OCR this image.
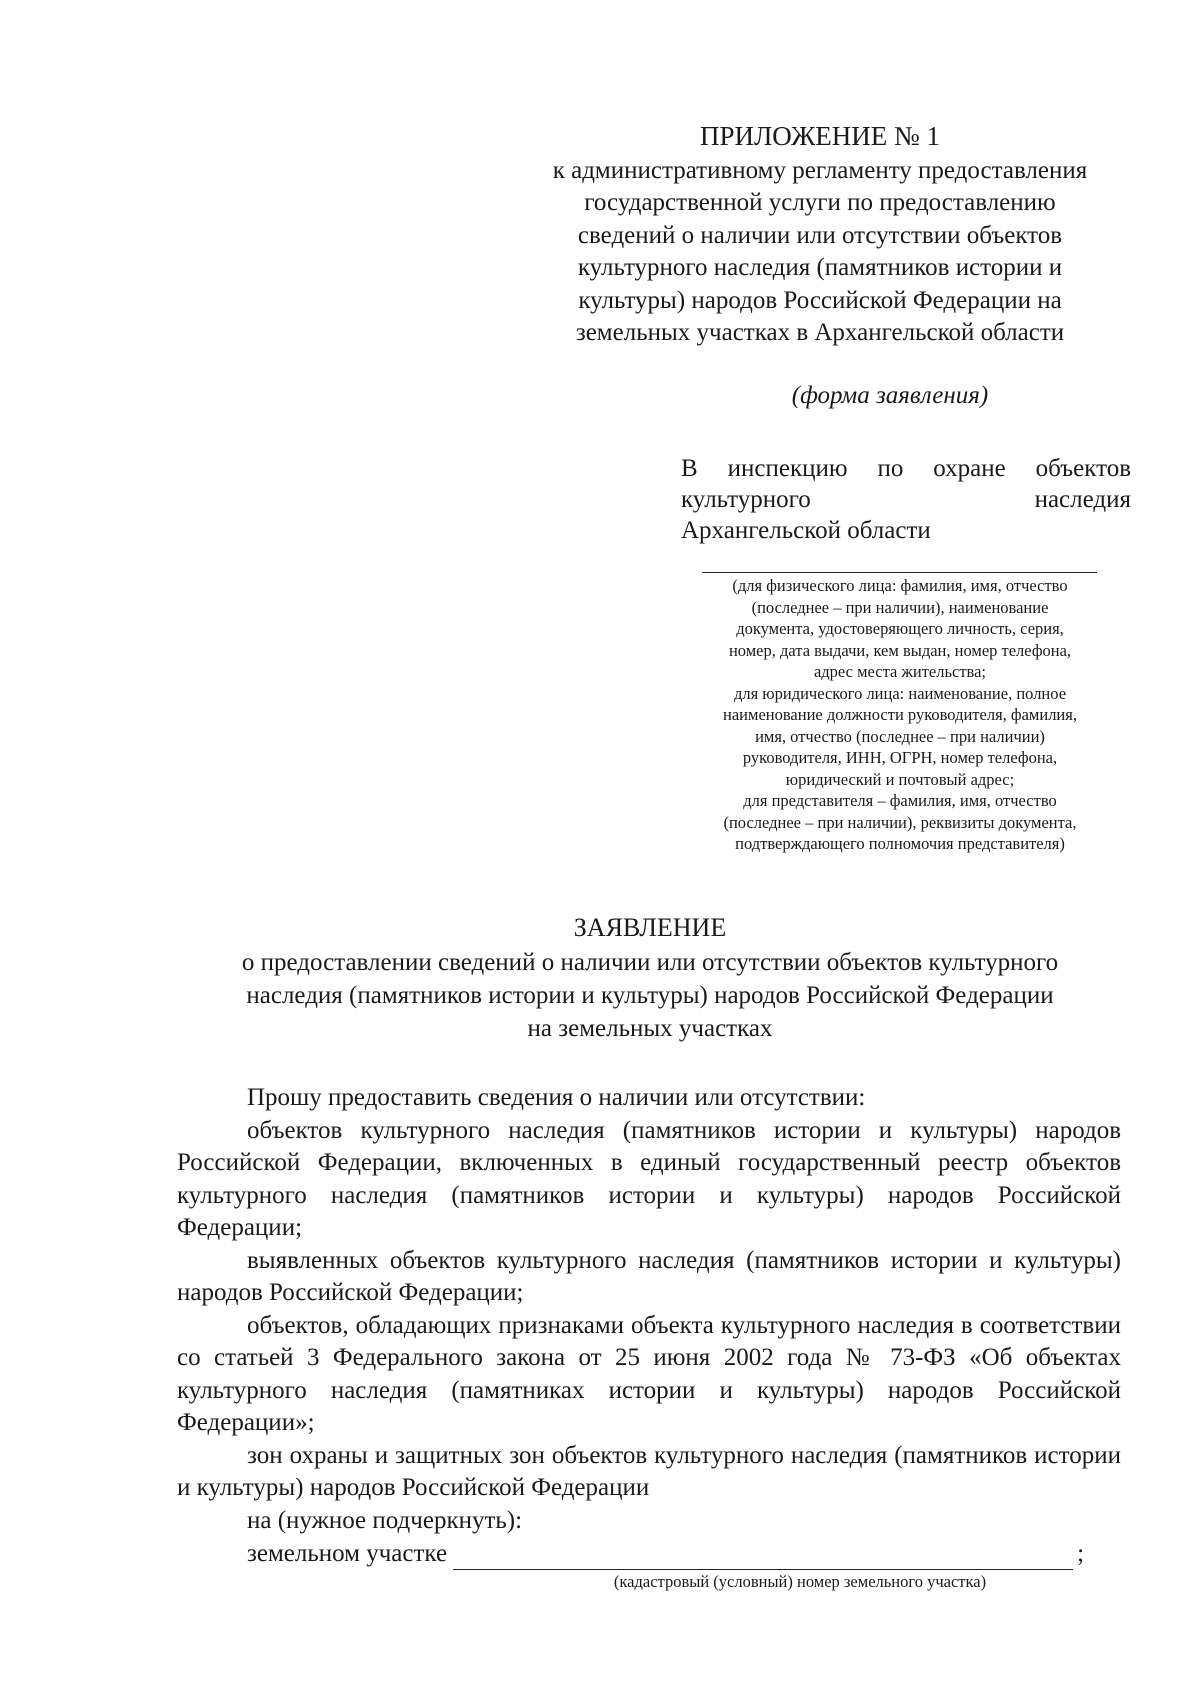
ПРИЛОЖЕНИЕ № 1
к административному регламенту предоставления
государственной услуги по предоставлению
сведений о наличии или отсутствии объектов
культурного наследия (памятников истории и
культуры) народов Российской Федерации на
земельных участках в Архангельской области
(форма заявления)
В инспекцию по охране объектов
культурного наследия
Архангельской области
(для физического лица: фамилия, имя, отчество
(последнее – при наличии), наименование
документа, удостоверяющего личность, серия,
номер, дата выдачи, кем выдан, номер телефона,
адрес места жительства;
для юридического лица: наименование, полное
наименование должности руководителя, фамилия,
имя, отчество (последнее – при наличии)
руководителя, ИНН, ОГРН, номер телефона,
юридический и почтовый адрес;
для представителя – фамилия, имя, отчество
(последнее – при наличии), реквизиты документа,
подтверждающего полномочия представителя)
ЗАЯВЛЕНИЕ
о предоставлении сведений о наличии или отсутствии объектов культурного
наследия (памятников истории и культуры) народов Российской Федерации
на земельных участках

Прошу предоставить сведения о наличии или отсутствии:

объектов культурного наследия (памятников истории и культуры) народов Российской Федерации, включенных в единый государственный реестр объектов культурного наследия (памятников истории и культуры) народов Российской Федерации;

выявленных объектов культурного наследия (памятников истории и культуры) народов Российской Федерации;

объектов, обладающих признаками объекта культурного наследия в соответствии со статьей 3 Федерального закона от 25 июня 2002 года № 73-ФЗ «Об объектах культурного наследия (памятниках истории и культуры) народов Российской Федерации»;

зон охраны и защитных зон объектов культурного наследия (памятников истории и культуры) народов Российской Федерации

на (нужное подчеркнуть):

земельном участке	;
(кадастровый (условный) номер земельного участка)
